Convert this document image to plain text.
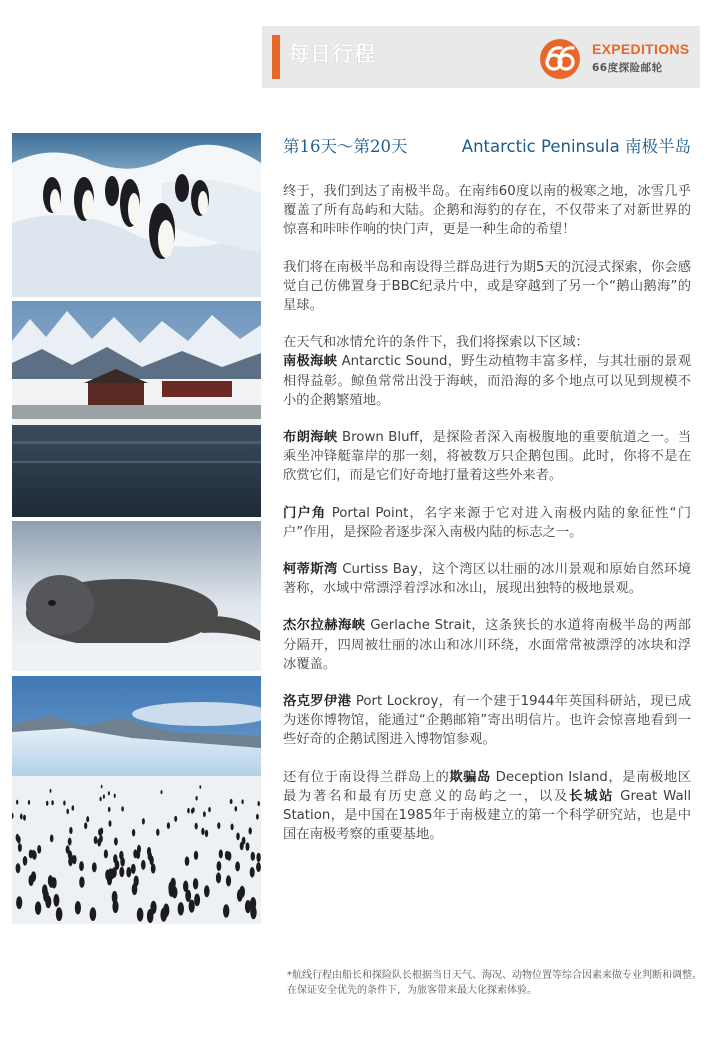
每日行程	EXPEDITIONS
66度探险邮轮
第16天～第20天	Antarctic Peninsula 南极半岛

终于，我们到达了南极半岛。在南纬60度以南的极寒之地，冰雪几乎覆盖了所有岛屿和大陆。企鹅和海豹的存在，不仅带来了对新世界的惊喜和咔咔作响的快门声，更是一种生命的希望！

我们将在南极半岛和南设得兰群岛进行为期5天的沉浸式探索，你会感觉自己仿佛置身于BBC纪录片中，或是穿越到了另一个“鹅山鹅海”的星球。

在天气和冰情允许的条件下，我们将探索以下区域：
南极海峡 Antarctic Sound，野生动植物丰富多样，与其壮丽的景观相得益彰。鲸鱼常常出没于海峡，而沿海的多个地点可以见到规模不小的企鹅繁殖地。

布朗海峡 Brown Bluff，是探险者深入南极腹地的重要航道之一。当乘坐冲锋艇靠岸的那一刻，将被数万只企鹅包围。此时，你将不是在欣赏它们，而是它们好奇地打量着这些外来者。

门户角 Portal Point，名字来源于它对进入南极内陆的象征性“门户”作用，是探险者逐步深入南极内陆的标志之一。

柯蒂斯湾 Curtiss Bay，这个湾区以壮丽的冰川景观和原始自然环境著称，水域中常漂浮着浮冰和冰山，展现出独特的极地景观。

杰尔拉赫海峡 Gerlache Strait，这条狭长的水道将南极半岛的两部分隔开，四周被壮丽的冰山和冰川环绕，水面常常被漂浮的冰块和浮冰覆盖。

洛克罗伊港 Port Lockroy，有一个建于1944年英国科研站，现已成为迷你博物馆，能通过“企鹅邮箱”寄出明信片。也许会惊喜地看到一些好奇的企鹅试图进入博物馆参观。

还有位于南设得兰群岛上的欺骗岛 Deception Island，是南极地区最为著名和最有历史意义的岛屿之一，以及长城站 Great Wall Station，是中国在1985年于南极建立的第一个科学研究站，也是中国在南极考察的重要基地。

*航线行程由船长和探险队长根据当日天气、海况、动物位置等综合因素来做专业判断和调整。在保证安全优先的条件下，为旅客带来最大化探索体验。
